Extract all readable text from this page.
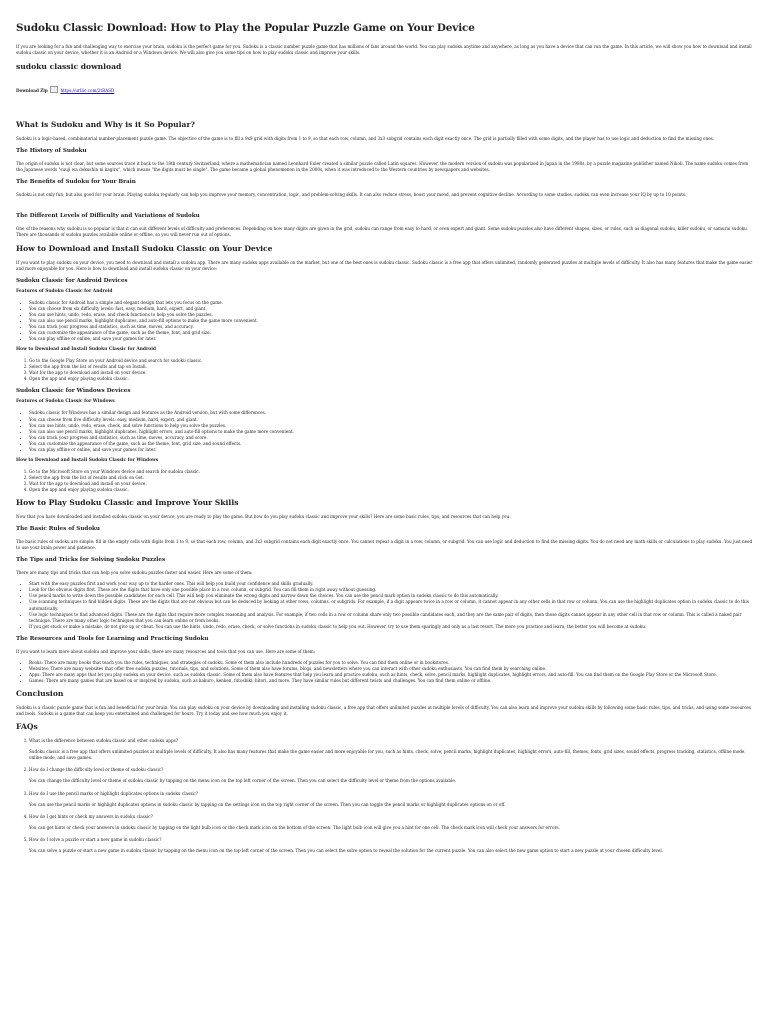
Sudoku Classic Download: How to Play the Popular Puzzle Game on Your Device

If you are looking for a fun and challenging way to exercise your brain, sudoku is the perfect game for you. Sudoku is a classic number puzzle game that has millions of fans around the world. You can play sudoku anytime and anywhere, as long as you have a device that can run the game. In this article, we will show you how to download and install sudoku classic on your device, whether it is an Android or a Windows device. We will also give you some tips on how to play sudoku classic and improve your skills.

sudoku classic download
Download Zip	https://urllic.com/2tBASD
What is Sudoku and Why is it So Popular?

Sudoku is a logic-based, combinatorial number-placement puzzle game. The objective of the game is to fill a 9x9 grid with digits from 1 to 9, so that each row, column, and 3x3 subgrid contains each digit exactly once. The grid is partially filled with some digits, and the player has to use logic and deduction to find the missing ones.

The History of Sudoku

The origin of sudoku is not clear, but some sources trace it back to the 18th century Switzerland, where a mathematician named Leonhard Euler created a similar puzzle called Latin squares. However, the modern version of sudoku was popularized in Japan in the 1980s, by a puzzle magazine publisher named Nikoli. The name sudoku comes from the Japanese words "suuji wa dokushin ni kagiru", which means "the digits must be single". The game became a global phenomenon in the 2000s, when it was introduced to the Western countries by newspapers and websites.

The Benefits of Sudoku for Your Brain

Sudoku is not only fun, but also good for your brain. Playing sudoku regularly can help you improve your memory, concentration, logic, and problem-solving skills. It can also reduce stress, boost your mood, and prevent cognitive decline. According to some studies, sudoku can even increase your IQ by up to 10 points.

The Different Levels of Difficulty and Variations of Sudoku

One of the reasons why sudoku is so popular is that it can suit different levels of difficulty and preferences. Depending on how many digits are given in the grid, sudoku can range from easy to hard, or even expert and giant. Some sudoku puzzles also have different shapes, sizes, or rules, such as diagonal sudoku, killer sudoku, or samurai sudoku. There are thousands of sudoku puzzles available online or offline, so you will never run out of options.

How to Download and Install Sudoku Classic on Your Device

If you want to play sudoku on your device, you need to download and install a sudoku app. There are many sudoku apps available on the market, but one of the best ones is sudoku classic. Sudoku classic is a free app that offers unlimited, randomly generated puzzles at multiple levels of difficulty. It also has many features that make the game easier and more enjoyable for you. Here is how to download and install sudoku classic on your device:

Sudoku Classic for Android Devices
Features of Sudoku Classic for Android
• Sudoku classic for Android has a simple and elegant design that lets you focus on the game.
• You can choose from six difficulty levels: fast, easy, medium, hard, expert, and giant.
• You can use hints, undo, redo, erase, and check functions to help you solve the puzzles.
• You can also use pencil marks, highlight duplicates, and auto-fill options to make the game more convenient.
• You can track your progress and statistics, such as time, moves, and accuracy.
• You can customize the appearance of the game, such as the theme, font, and grid size.
• You can play offline or online, and save your games for later.
How to Download and Install Sudoku Classic for Android
1. Go to the Google Play Store on your Android device and search for sudoku classic.
2. Select the app from the list of results and tap on Install.
3. Wait for the app to download and install on your device.
4. Open the app and enjoy playing sudoku classic.
Sudoku Classic for Windows Devices
Features of Sudoku Classic for Windows
• Sudoku classic for Windows has a similar design and features as the Android version, but with some differences.
• You can choose from five difficulty levels: easy, medium, hard, expert, and giant.
• You can use hints, undo, redo, erase, check, and solve functions to help you solve the puzzles.
• You can also use pencil marks, highlight duplicates, highlight errors, and auto-fill options to make the game more convenient.
• You can track your progress and statistics, such as time, moves, accuracy, and score.
• You can customize the appearance of the game, such as the theme, font, grid size, and sound effects.
• You can play offline or online, and save your games for later.
How to Download and Install Sudoku Classic for Windows
1. Go to the Microsoft Store on your Windows device and search for sudoku classic.
2. Select the app from the list of results and click on Get.
3. Wait for the app to download and install on your device.
4. Open the app and enjoy playing sudoku classic.
How to Play Sudoku Classic and Improve Your Skills

Now that you have downloaded and installed sudoku classic on your device, you are ready to play the game. But how do you play sudoku classic and improve your skills? Here are some basic rules, tips, and resources that can help you:

The Basic Rules of Sudoku

The basic rules of sudoku are simple: fill in the empty cells with digits from 1 to 9, so that each row, column, and 3x3 subgrid contains each digit exactly once. You cannot repeat a digit in a row, column, or subgrid. You can use logic and deduction to find the missing digits. You do not need any math skills or calculations to play sudoku. You just need to use your brain power and patience.

The Tips and Tricks for Solving Sudoku Puzzles

There are many tips and tricks that can help you solve sudoku puzzles faster and easier. Here are some of them:

• Start with the easy puzzles first and work your way up to the harder ones. This will help you build your confidence and skills gradually.
• Look for the obvious digits first. These are the digits that have only one possible place in a row, column, or subgrid. You can fill them in right away without guessing.
• Use pencil marks to write down the possible candidates for each cell. This will help you eliminate the wrong digits and narrow down the choices. You can use the pencil mark option in sudoku classic to do this automatically.
• Use scanning techniques to find hidden digits. These are the digits that are not obvious but can be deduced by looking at other rows, columns, or subgrids. For example, if a digit appears twice in a row or column, it cannot appear in any other cells in that row or column. You can use the highlight duplicates option in sudoku classic to do this automatically.
• Use logic techniques to find advanced digits. These are the digits that require more complex reasoning and analysis. For example, if two cells in a row or column share only two possible candidates each, and they are the same pair of digits, then those digits cannot appear in any other cell in that row or column. This is called a naked pair technique. There are many other logic techniques that you can learn online or from books.
• If you get stuck or make a mistake, do not give up or cheat. You can use the hints, undo, redo, erase, check, or solve functions in sudoku classic to help you out. However, try to use them sparingly and only as a last resort. The more you practice and learn, the better you will become at sudoku.
The Resources and Tools for Learning and Practicing Sudoku

If you want to learn more about sudoku and improve your skills, there are many resources and tools that you can use. Here are some of them:

• Books: There are many books that teach you the rules, techniques, and strategies of sudoku. Some of them also include hundreds of puzzles for you to solve. You can find them online or in bookstores.
• Websites: There are many websites that offer free sudoku puzzles, tutorials, tips, and solutions. Some of them also have forums, blogs, and newsletters where you can interact with other sudoku enthusiasts. You can find them by searching online.
• Apps: There are many apps that let you play sudoku on your device, such as sudoku classic. Some of them also have features that help you learn and practice sudoku, such as hints, check, solve, pencil marks, highlight duplicates, highlight errors, and auto-fill. You can find them on the Google Play Store or the Microsoft Store.
• Games: There are many games that are based on or inspired by sudoku, such as kakuro, kenken, futoshiki, hitori, and more. They have similar rules but different twists and challenges. You can find them online or offline.
Conclusion

Sudoku is a classic puzzle game that is fun and beneficial for your brain. You can play sudoku on your device by downloading and installing sudoku classic, a free app that offers unlimited puzzles at multiple levels of difficulty. You can also learn and improve your sudoku skills by following some basic rules, tips, and tricks, and using some resources and tools. Sudoku is a game that can keep you entertained and challenged for hours. Try it today and see how much you enjoy it.

FAQs
1. What is the difference between sudoku classic and other sudoku apps?

Sudoku classic is a free app that offers unlimited puzzles at multiple levels of difficulty. It also has many features that make the game easier and more enjoyable for you, such as hints, check, solve, pencil marks, highlight duplicates, highlight errors, auto-fill, themes, fonts, grid sizes, sound effects, progress tracking, statistics, offline mode, online mode, and save games.

2. How do I change the difficulty level or theme of sudoku classic?

You can change the difficulty level or theme of sudoku classic by tapping on the menu icon on the top left corner of the screen. Then you can select the difficulty level or theme from the options available.

3. How do I use the pencil marks or highlight duplicates options in sudoku classic?

You can use the pencil marks or highlight duplicates options in sudoku classic by tapping on the settings icon on the top right corner of the screen. Then you can toggle the pencil marks or highlight duplicates options on or off.

4. How do I get hints or check my answers in sudoku classic?

You can get hints or check your answers in sudoku classic by tapping on the light bulb icon or the check mark icon on the bottom of the screen. The light bulb icon will give you a hint for one cell. The check mark icon will check your answers for errors.

5. How do I solve a puzzle or start a new game in sudoku classic?

You can solve a puzzle or start a new game in sudoku classic by tapping on the menu icon on the top left corner of the screen. Then you can select the solve option to reveal the solution for the current puzzle. You can also select the new game option to start a new puzzle at your chosen difficulty level.
